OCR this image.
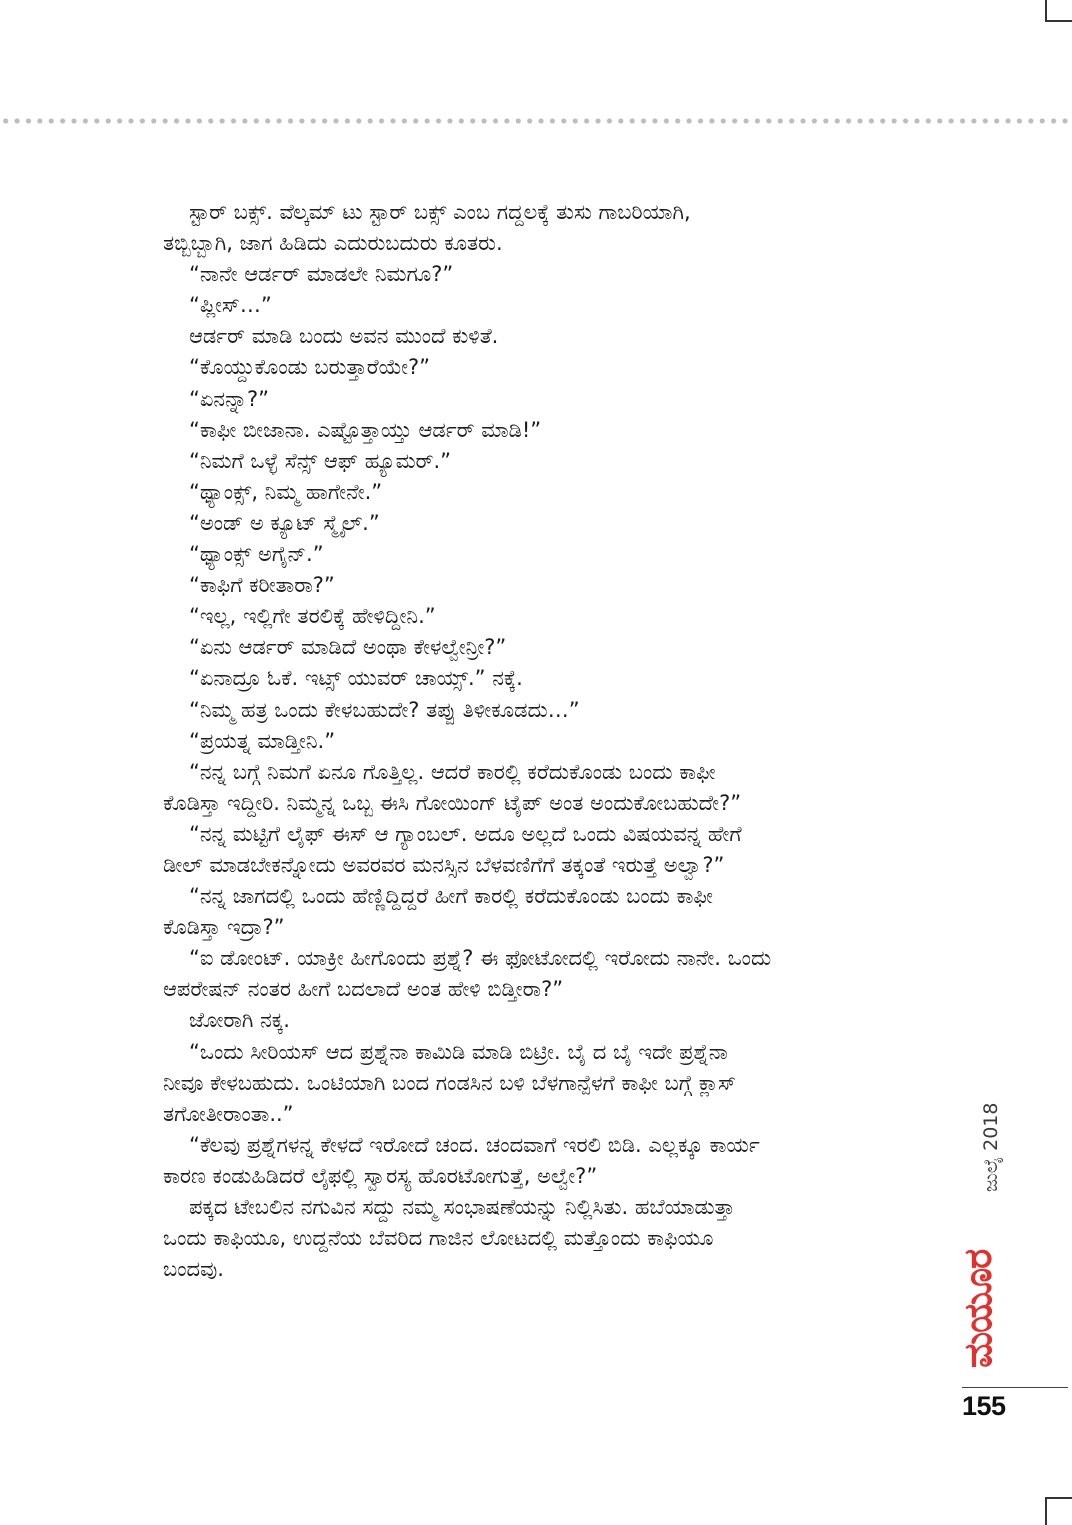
ಸ್ಟಾರ್ ಬಕ್ಸ್. ವೆಲ್ಕಮ್ ಟು ಸ್ಟಾರ್ ಬಕ್ಸ್ ಎಂಬ ಗದ್ದಲಕ್ಕೆ ತುಸು ಗಾಬರಿಯಾಗಿ,

ತಬ್ಬಿಬ್ಬಾಗಿ, ಜಾಗ ಹಿಡಿದು ಎದುರುಬದುರು ಕೂತರು.

“ನಾನೇ ಆರ್ಡರ್ ಮಾಡಲೇ ನಿಮಗೂ?”

“ಪ್ಲೀಸ್…”

ಆರ್ಡರ್ ಮಾಡಿ ಬಂದು ಅವನ ಮುಂದೆ ಕುಳಿತೆ.

“ಕೊಯ್ದುಕೊಂಡು ಬರುತ್ತಾರೆಯೇ?”

“ಏನನ್ನಾ?”

“ಕಾಫೀ ಬೀಜಾನಾ. ಎಷ್ಟೊತ್ತಾಯ್ತು ಆರ್ಡರ್ ಮಾಡಿ!”

“ನಿಮಗೆ ಒಳ್ಳೆ ಸೆನ್ಸ್ ಆಫ್ ಹ್ಯೂಮರ್.”

“ಥ್ಯಾಂಕ್ಸ್, ನಿಮ್ಮ ಹಾಗೇನೇ.”

“ಅಂಡ್ ಅ ಕ್ಯೂಟ್ ಸ್ಮೈಲ್.”

“ಥ್ಯಾಂಕ್ಸ್ ಅಗೈನ್.”

“ಕಾಫಿಗೆ ಕರೀತಾರಾ?”

“ಇಲ್ಲ, ಇಲ್ಲಿಗೇ ತರಲಿಕ್ಕೆ ಹೇಳಿದ್ದೀನಿ.”

“ಏನು ಆರ್ಡರ್ ಮಾಡಿದೆ ಅಂಥಾ ಕೇಳಲ್ವೇನ್ರೀ?”

“ಏನಾದ್ರೂ ಓಕೆ. ಇಟ್ಸ್ ಯುವರ್ ಚಾಯ್ಸ್.” ನಕ್ಕೆ.

“ನಿಮ್ಮ ಹತ್ರ ಒಂದು ಕೇಳಬಹುದೇ? ತಪ್ಪು ತಿಳೀಕೂಡದು…”

“ಪ್ರಯತ್ನ ಮಾಡ್ತೀನಿ.”

“ನನ್ನ ಬಗ್ಗೆ ನಿಮಗೆ ಏನೂ ಗೊತ್ತಿಲ್ಲ. ಆದರೆ ಕಾರಲ್ಲಿ ಕರೆದುಕೊಂಡು ಬಂದು ಕಾಫೀ

ಕೊಡಿಸ್ತಾ ಇದ್ದೀರಿ. ನಿಮ್ಮನ್ನ ಒಬ್ಬ ಈಸಿ ಗೋಯಿಂಗ್ ಟೈಪ್ ಅಂತ ಅಂದುಕೋಬಹುದೇ?”

“ನನ್ನ ಮಟ್ಟಿಗೆ ಲೈಫ್ ಈಸ್ ಆ ಗ್ಯಾಂಬಲ್. ಅದೂ ಅಲ್ಲದೆ ಒಂದು ವಿಷಯವನ್ನ ಹೇಗೆ

ಡೀಲ್ ಮಾಡಬೇಕನ್ನೋದು ಅವರವರ ಮನಸ್ಸಿನ ಬೆಳವಣಿಗೆಗೆ ತಕ್ಕಂತೆ ಇರುತ್ತೆ ಅಲ್ವಾ?”

“ನನ್ನ ಜಾಗದಲ್ಲಿ ಒಂದು ಹೆಣ್ಣಿದ್ದಿದ್ದರೆ ಹೀಗೆ ಕಾರಲ್ಲಿ ಕರೆದುಕೊಂಡು ಬಂದು ಕಾಫೀ

ಕೊಡಿಸ್ತಾ ಇದ್ರಾ?”

“ಐ ಡೋಂಟ್. ಯಾಕ್ರೀ ಹೀಗೊಂದು ಪ್ರಶ್ನೆ? ಈ ಫೋಟೋದಲ್ಲಿ ಇರೋದು ನಾನೇ. ಒಂದು

ಆಪರೇಷನ್ ನಂತರ ಹೀಗೆ ಬದಲಾದೆ ಅಂತ ಹೇಳಿ ಬಿಡ್ತೀರಾ?”

ಜೋರಾಗಿ ನಕ್ಕ.

“ಒಂದು ಸೀರಿಯಸ್ ಆದ ಪ್ರಶ್ನೆನಾ ಕಾಮಿಡಿ ಮಾಡಿ ಬಿಟ್ರೀ. ಬೈ ದ ಬೈ ಇದೇ ಪ್ರಶ್ನೆನಾ

ನೀವೂ ಕೇಳಬಹುದು. ಒಂಟಿಯಾಗಿ ಬಂದ ಗಂಡಸಿನ ಬಳಿ ಬೆಳಗಾನ್ಪೆಳಗೆ ಕಾಫೀ ಬಗ್ಗೆ ಕ್ಲಾಸ್

ತಗೋತೀರಾಂತಾ..”

“ಕೆಲವು ಪ್ರಶ್ನೆಗಳನ್ನ ಕೇಳದೆ ಇರೋದೆ ಚಂದ. ಚಂದವಾಗೆ ಇರಲಿ ಬಿಡಿ. ಎಲ್ಲಕ್ಕೂ ಕಾರ್ಯ

ಕಾರಣ ಕಂಡುಹಿಡಿದರೆ ಲೈಫಲ್ಲಿ ಸ್ವಾರಸ್ಯ ಹೊರಟೋಗುತ್ತೆ, ಅಲ್ವೇ?”

ಪಕ್ಕದ ಟೇಬಲಿನ ನಗುವಿನ ಸದ್ದು ನಮ್ಮ ಸಂಭಾಷಣೆಯನ್ನು ನಿಲ್ಲಿಸಿತು. ಹಬೆಯಾಡುತ್ತಾ

ಒಂದು ಕಾಫಿಯೂ, ಉದ್ದನೆಯ ಬೆವರಿದ ಗಾಜಿನ ಲೋಟದಲ್ಲಿ ಮತ್ತೊಂದು ಕಾಫಿಯೂ

ಬಂದವು.

ಜುಲೈ 2018
ಮಯೂರ
155
